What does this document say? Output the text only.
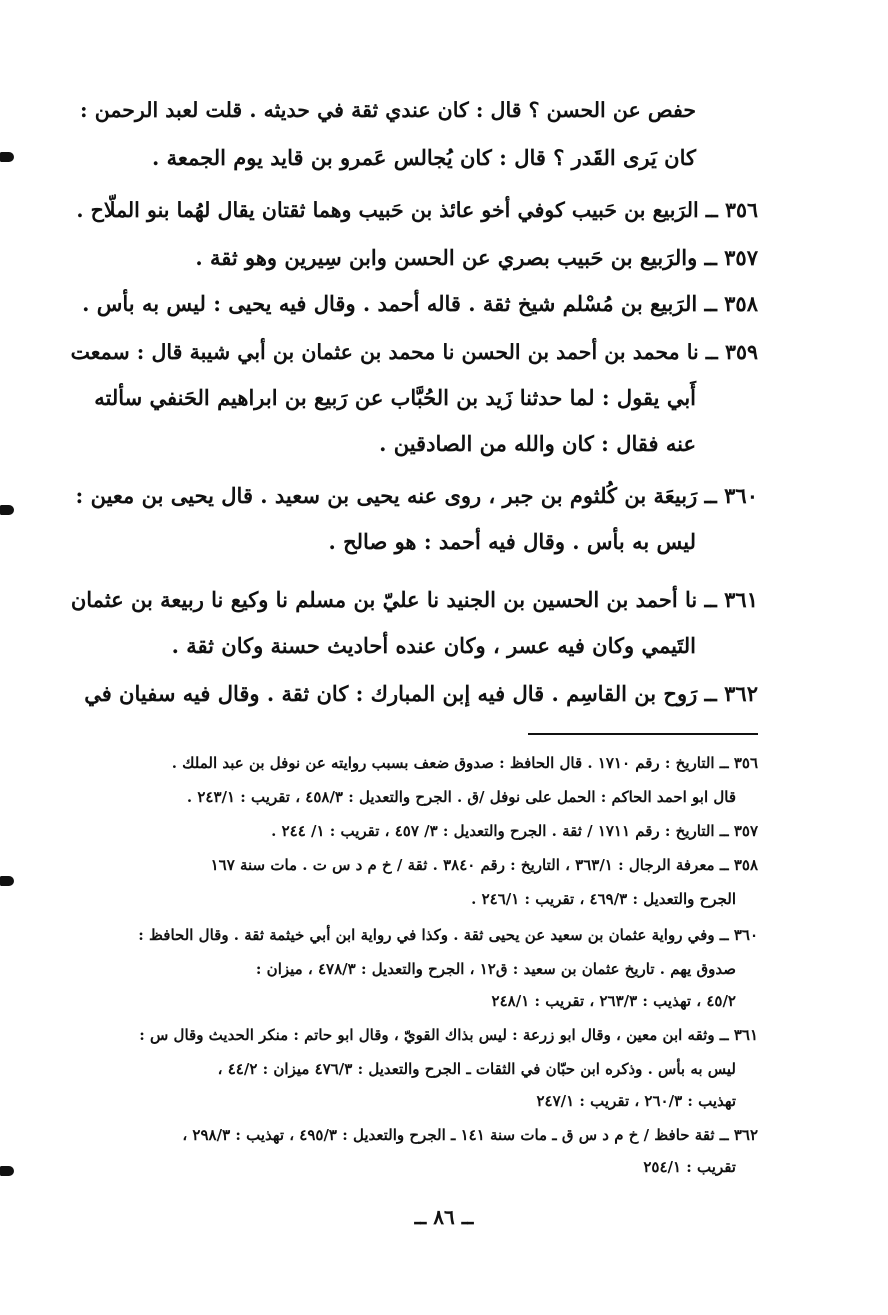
حفص عن الحسن ؟ قال : كان عندي ثقة في حديثه . قلت لعبد الرحمن :
كان يَرى القَدر ؟ قال : كان يُجالس عَمرو بن قايد يوم الجمعة .
٣٥٦ ــ الرَبيع بن حَبيب كوفي أخو عائذ بن حَبيب وهما ثقتان يقال لهُما بنو الملّاح .
٣٥٧ ــ والرَبيع بن حَبيب بصري عن الحسن وابن سِيرين وهو ثقة .
٣٥٨ ــ الرَبيع بن مُسْلم شيخ ثقة . قاله أحمد . وقال فيه يحيى : ليس به بأس .
٣٥٩ ــ نا محمد بن أحمد بن الحسن نا محمد بن عثمان بن أبي شيبة قال : سمعت
أَبي يقول : لما حدثنا زَيد بن الحُبَّاب عن رَبيع بن ابراهيم الحَنفي سألته
عنه فقال : كان والله من الصادقين .
٣٦٠ ــ رَبيعَة بن كُلثوم بن جبر ، روى عنه يحيى بن سعيد . قال يحيى بن معين :
ليس به بأس . وقال فيه أحمد : هو صالح .
٣٦١ ــ نا أحمد بن الحسين بن الجنيد نا عليّ بن مسلم نا وكيع نا ربيعة بن عثمان
التَيمي وكان فيه عسر ، وكان عنده أحاديث حسنة وكان ثقة .
٣٦٢ ــ رَوح بن القاسِم . قال فيه إبن المبارك : كان ثقة . وقال فيه سفيان في
٣٥٦ ــ التاريخ : رقم ١٧١٠ . قال الحافظ : صدوق ضعف بسبب روايته عن نوفل بن عبد الملك .
قال ابو احمد الحاكم : الحمل على نوفل /ق . الجرح والتعديل : ٤٥٨/٣ ، تقريب : ٢٤٣/١ .
٣٥٧ ــ التاريخ : رقم ١٧١١ / ثقة . الجرح والتعديل : ٣/ ٤٥٧ ، تقريب : ١/ ٢٤٤ .
٣٥٨ ــ معرفة الرجال : ٣٦٣/١ ، التاريخ : رقم ٣٨٤٠ . ثقة / خ م د س ت . مات سنة ١٦٧
الجرح والتعديل : ٤٦٩/٣ ، تقريب : ٢٤٦/١ .
٣٦٠ ــ وفي رواية عثمان بن سعيد عن يحيى ثقة . وكذا في رواية ابن أبي خيثمة ثقة . وقال الحافظ :
صدوق يهم . تاريخ عثمان بن سعيد : ق١٢ ، الجرح والتعديل : ٤٧٨/٣ ، ميزان :
٤٥/٢ ، تهذيب : ٢٦٣/٣ ، تقريب : ٢٤٨/١
٣٦١ ــ وثقه ابن معين ، وقال ابو زرعة : ليس بذاك القويّ ، وقال ابو حاتم : منكر الحديث وقال س :
ليس به بأس . وذكره ابن حبّان في الثقات ـ الجرح والتعديل : ٤٧٦/٣ ميزان : ٤٤/٢ ،
تهذيب : ٢٦٠/٣ ، تقريب : ٢٤٧/١
٣٦٢ ــ ثقة حافظ / خ م د س ق ـ مات سنة ١٤١ ـ الجرح والتعديل : ٤٩٥/٣ ، تهذيب : ٢٩٨/٣ ،
تقريب : ٢٥٤/١
ــ ٨٦ ــ
